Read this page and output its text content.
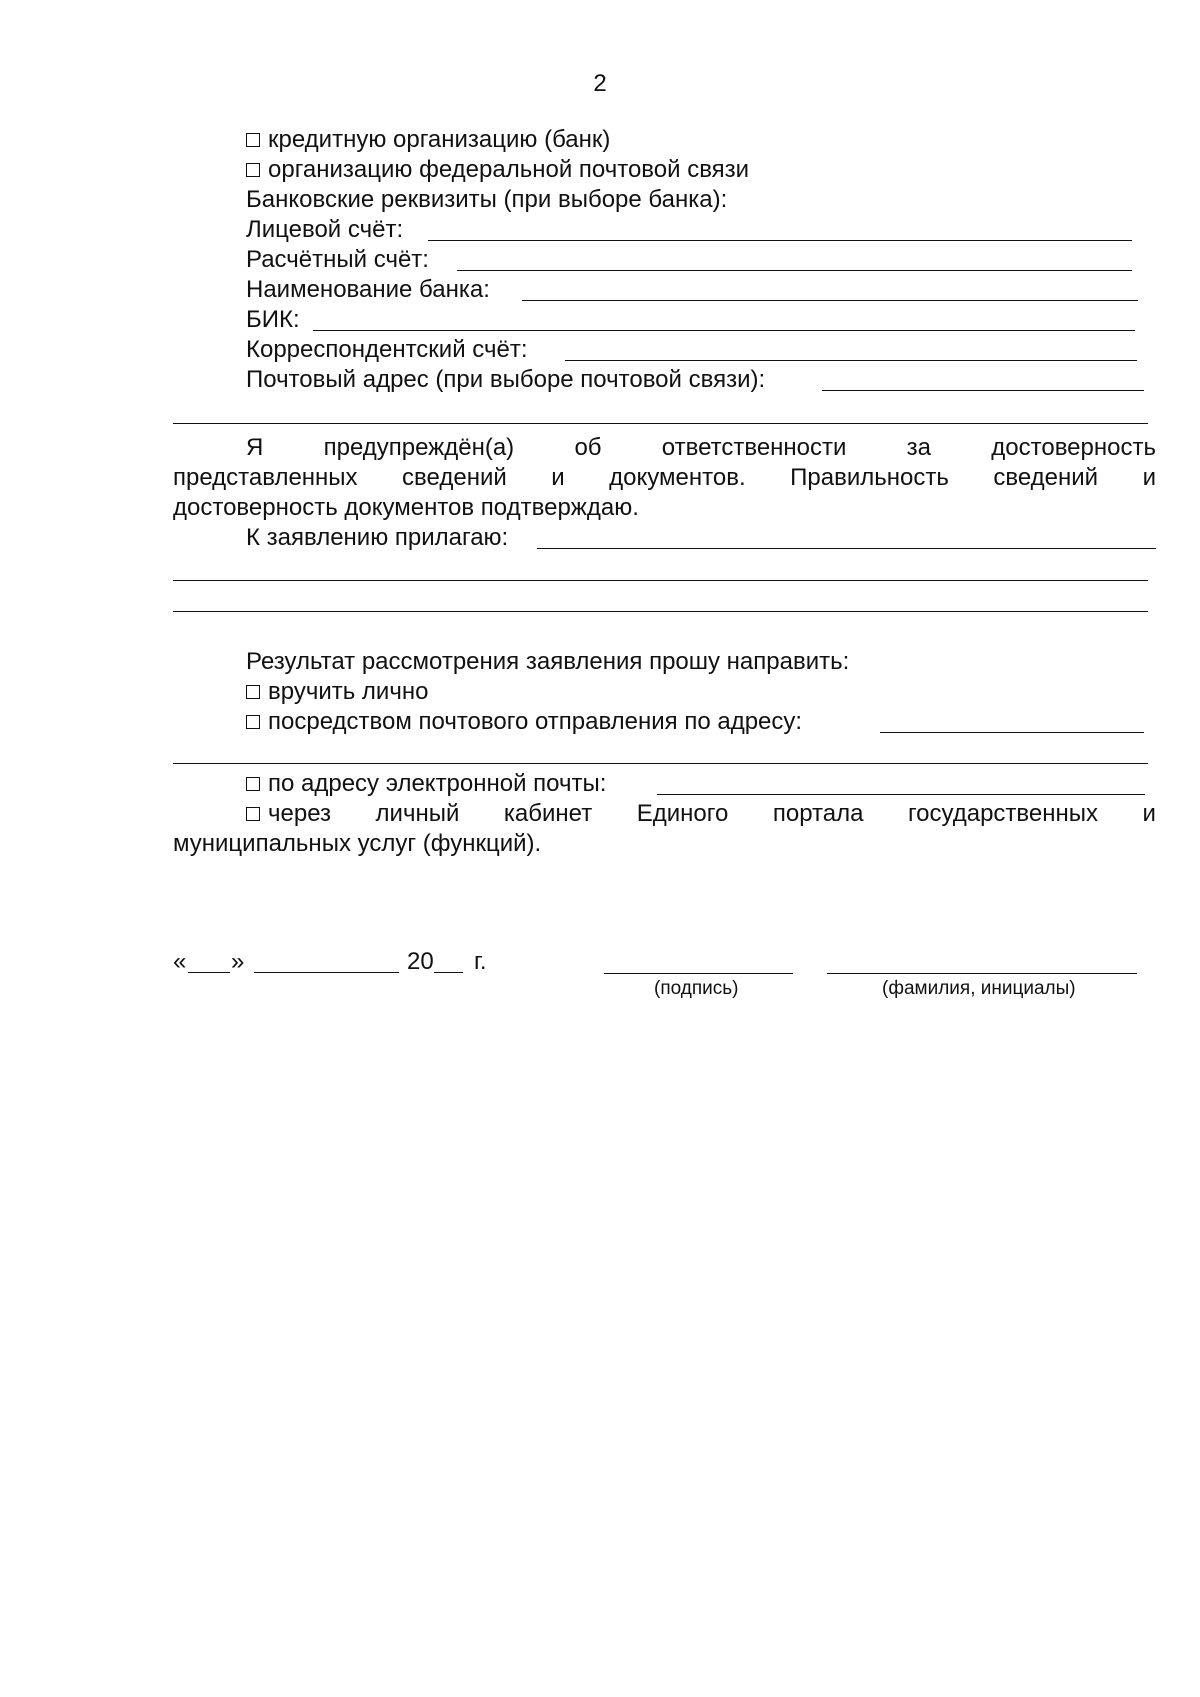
2
кредитную организацию (банк)
организацию федеральной почтовой связи
Банковские реквизиты (при выборе банка):
Лицевой счёт:
Расчётный счёт:
Наименование банка:
БИК:
Корреспондентский счёт:
Почтовый адрес (при выборе почтовой связи):
Я	предупреждён(а)	об	ответственности	за	достоверность
представленных сведений и документов. Правильность сведений и
достоверность документов подтверждаю.
К заявлению прилагаю:
Результат рассмотрения заявления прошу направить:
вручить лично
посредством почтового отправления по адресу:
по адресу электронной почты:
через личный кабинет Единого портала государственных и
муниципальных услуг (функций).
« »	20 г.
(подпись)	(фамилия, инициалы)
